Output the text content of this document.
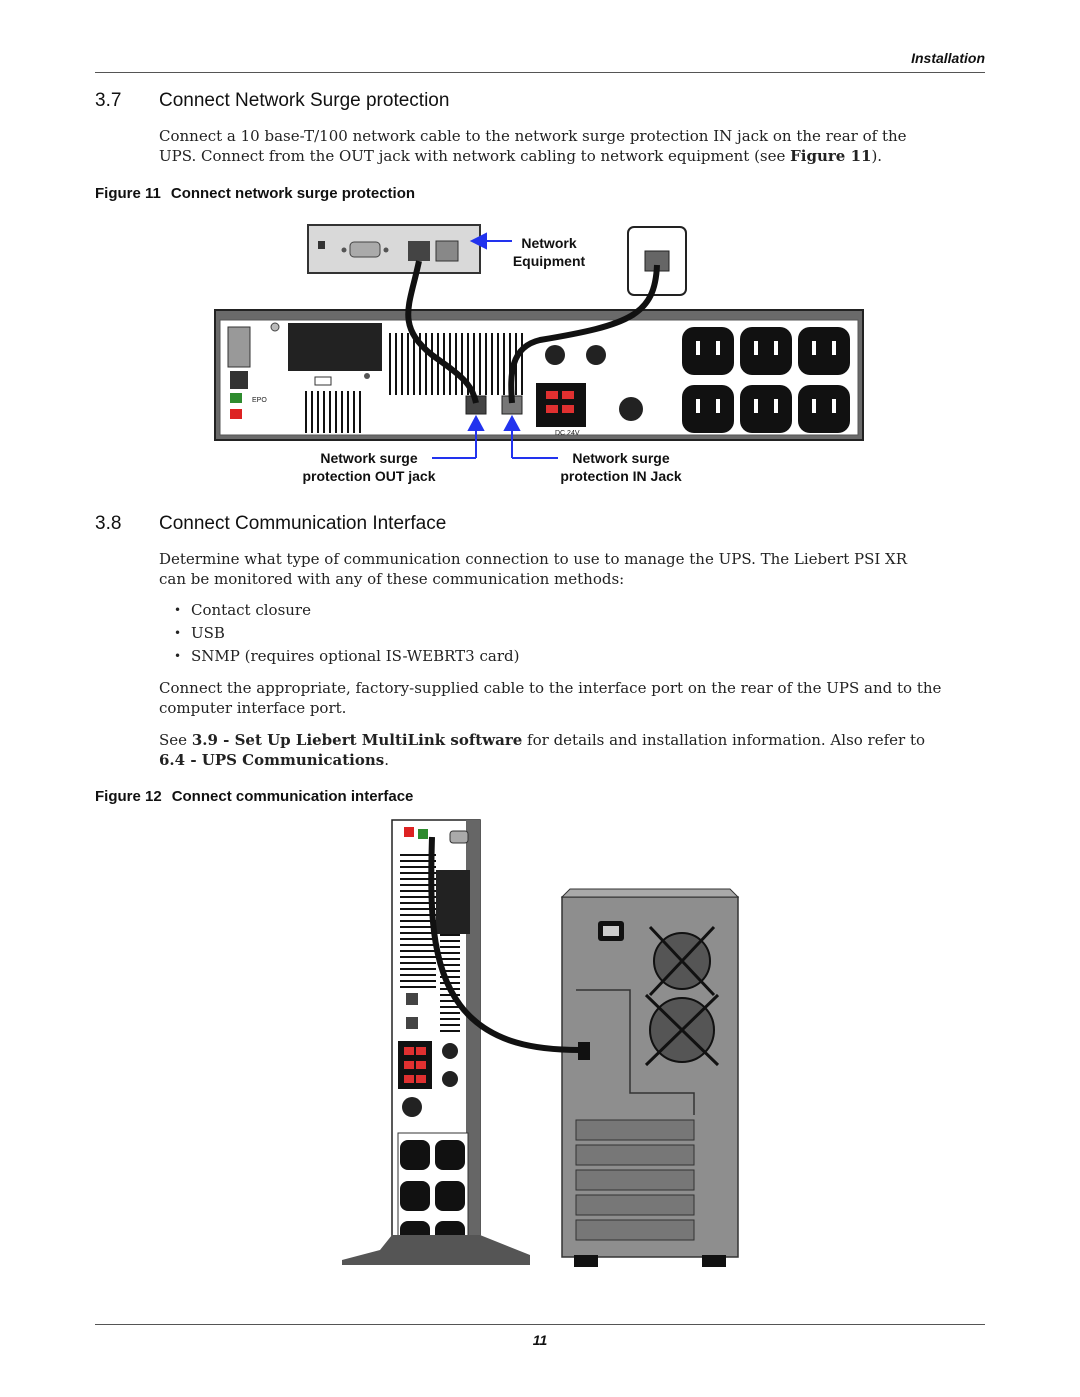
Installation
3.7 Connect Network Surge protection
Connect a 10 base-T/100 network cable to the network surge protection IN jack on the rear of the
UPS. Connect from the OUT jack with network cabling to network equipment (see Figure 11).
Figure 11 Connect network surge protection
EPO
DC 24V
Network
Equipment
Network surge
protection OUT jack
Network surge
protection IN Jack
3.8 Connect Communication Interface
Determine what type of communication connection to use to manage the UPS. The Liebert PSI XR
can be monitored with any of these communication methods:
• Contact closure
• USB
• SNMP (requires optional IS-WEBRT3 card)
Connect the appropriate, factory-supplied cable to the interface port on the rear of the UPS and to the
computer interface port.
See 3.9 - Set Up Liebert MultiLink software for details and installation information. Also refer to
6.4 - UPS Communications.
Figure 12 Connect communication interface
11
